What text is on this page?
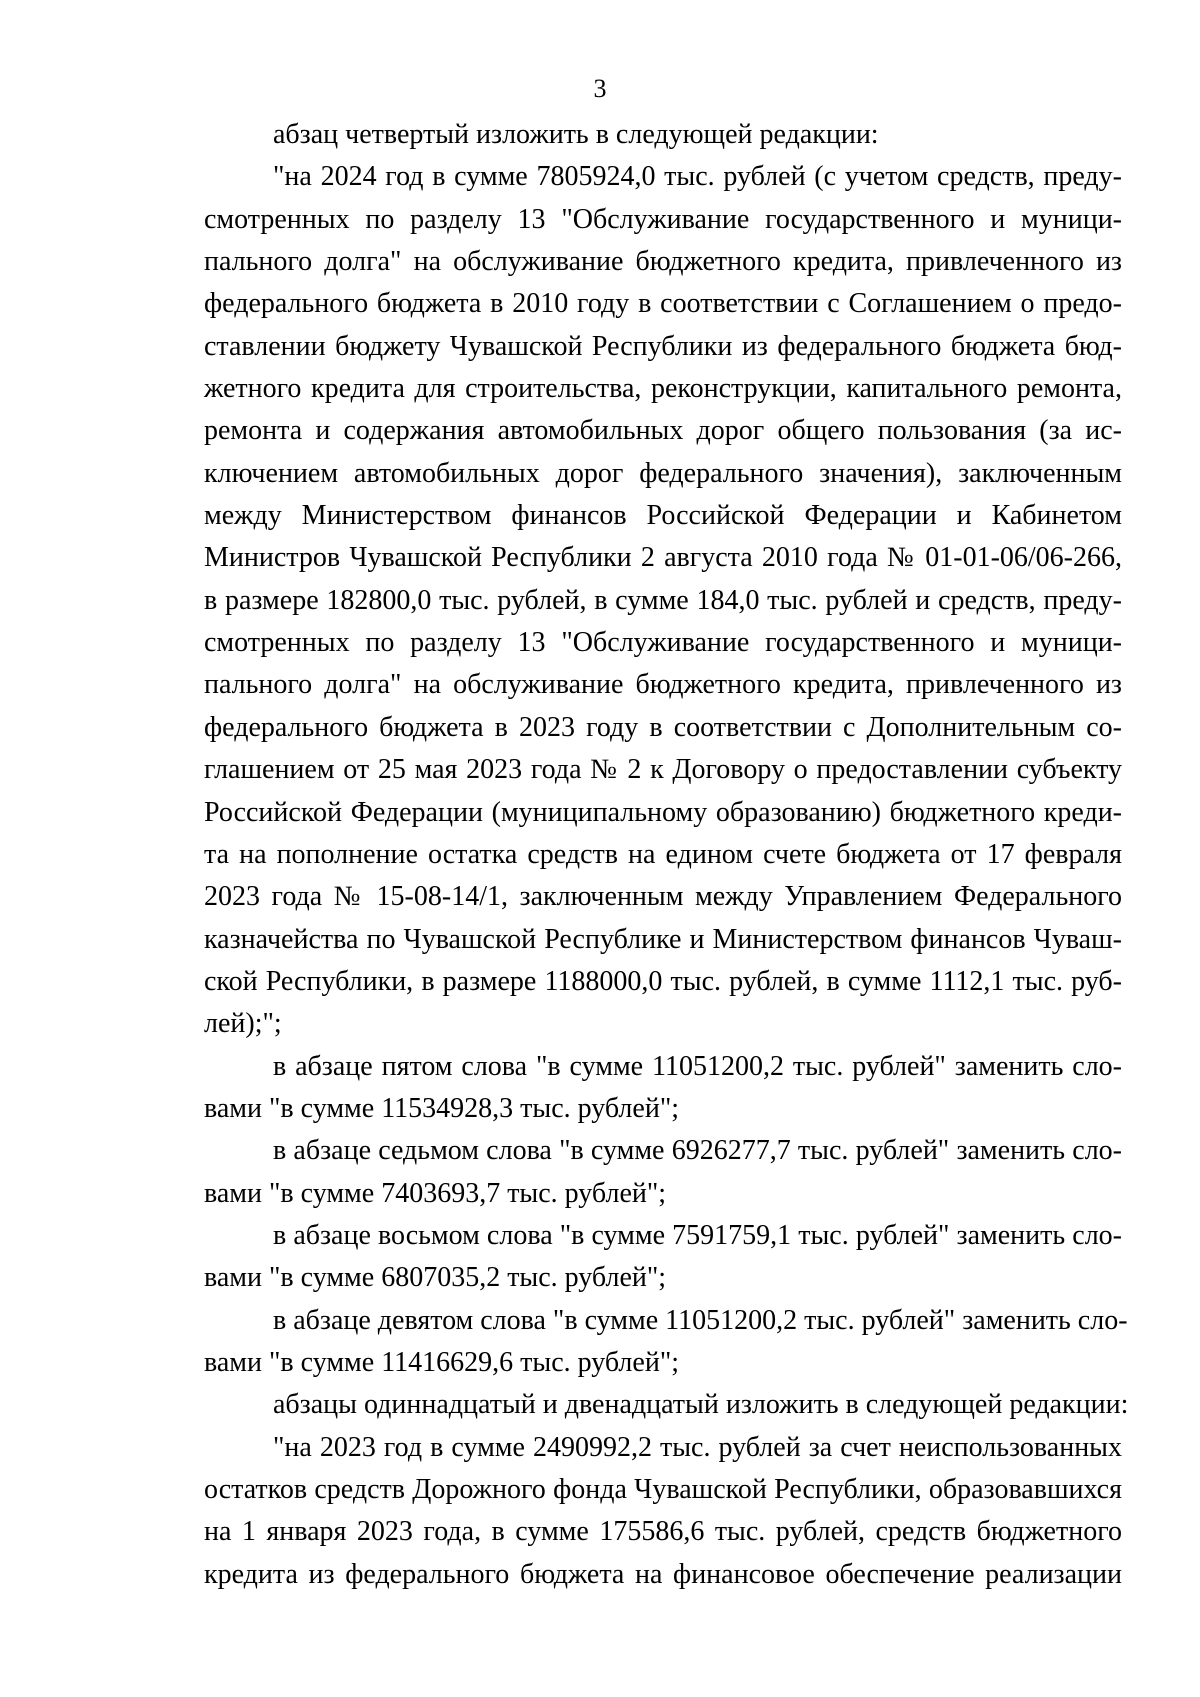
3
абзац четвертый изложить в следующей редакции:
"на 2024 год в сумме 7805924,0 тыс. рублей (с учетом средств, преду-
смотренных по разделу 13 "Обслуживание государственного и муници-
пального долга" на обслуживание бюджетного кредита, привлеченного из
федерального бюджета в 2010 году в соответствии с Соглашением о предо-
ставлении бюджету Чувашской Республики из федерального бюджета бюд-
жетного кредита для строительства, реконструкции, капитального ремонта,
ремонта и содержания автомобильных дорог общего пользования (за ис-
ключением автомобильных дорог федерального значения), заключенным
между Министерством финансов Российской Федерации и Кабинетом
Министров Чувашской Республики 2 августа 2010 года № 01-01-06/06-266,
в размере 182800,0 тыс. рублей, в сумме 184,0 тыс. рублей и средств, преду-
смотренных по разделу 13 "Обслуживание государственного и муници-
пального долга" на обслуживание бюджетного кредита, привлеченного из
федерального бюджета в 2023 году в соответствии с Дополнительным со-
глашением от 25 мая 2023 года № 2 к Договору о предоставлении субъекту
Российской Федерации (муниципальному образованию) бюджетного креди-
та на пополнение остатка средств на едином счете бюджета от 17 февраля
2023 года № 15-08-14/1, заключенным между Управлением Федерального
казначейства по Чувашской Республике и Министерством финансов Чуваш-
ской Республики, в размере 1188000,0 тыс. рублей, в сумме 1112,1 тыс. руб-
лей);";
в абзаце пятом слова "в сумме 11051200,2 тыс. рублей" заменить сло-
вами "в сумме 11534928,3 тыс. рублей";
в абзаце седьмом слова "в сумме 6926277,7 тыс. рублей" заменить сло-
вами "в сумме 7403693,7 тыс. рублей";
в абзаце восьмом слова "в сумме 7591759,1 тыс. рублей" заменить сло-
вами "в сумме 6807035,2 тыс. рублей";
в абзаце девятом слова "в сумме 11051200,2 тыс. рублей" заменить сло-
вами "в сумме 11416629,6 тыс. рублей";
абзацы одиннадцатый и двенадцатый изложить в следующей редакции:
"на 2023 год в сумме 2490992,2 тыс. рублей за счет неиспользованных
остатков средств Дорожного фонда Чувашской Республики, образовавшихся
на 1 января 2023 года, в сумме 175586,6 тыс. рублей, средств бюджетного
кредита из федерального бюджета на финансовое обеспечение реализации
